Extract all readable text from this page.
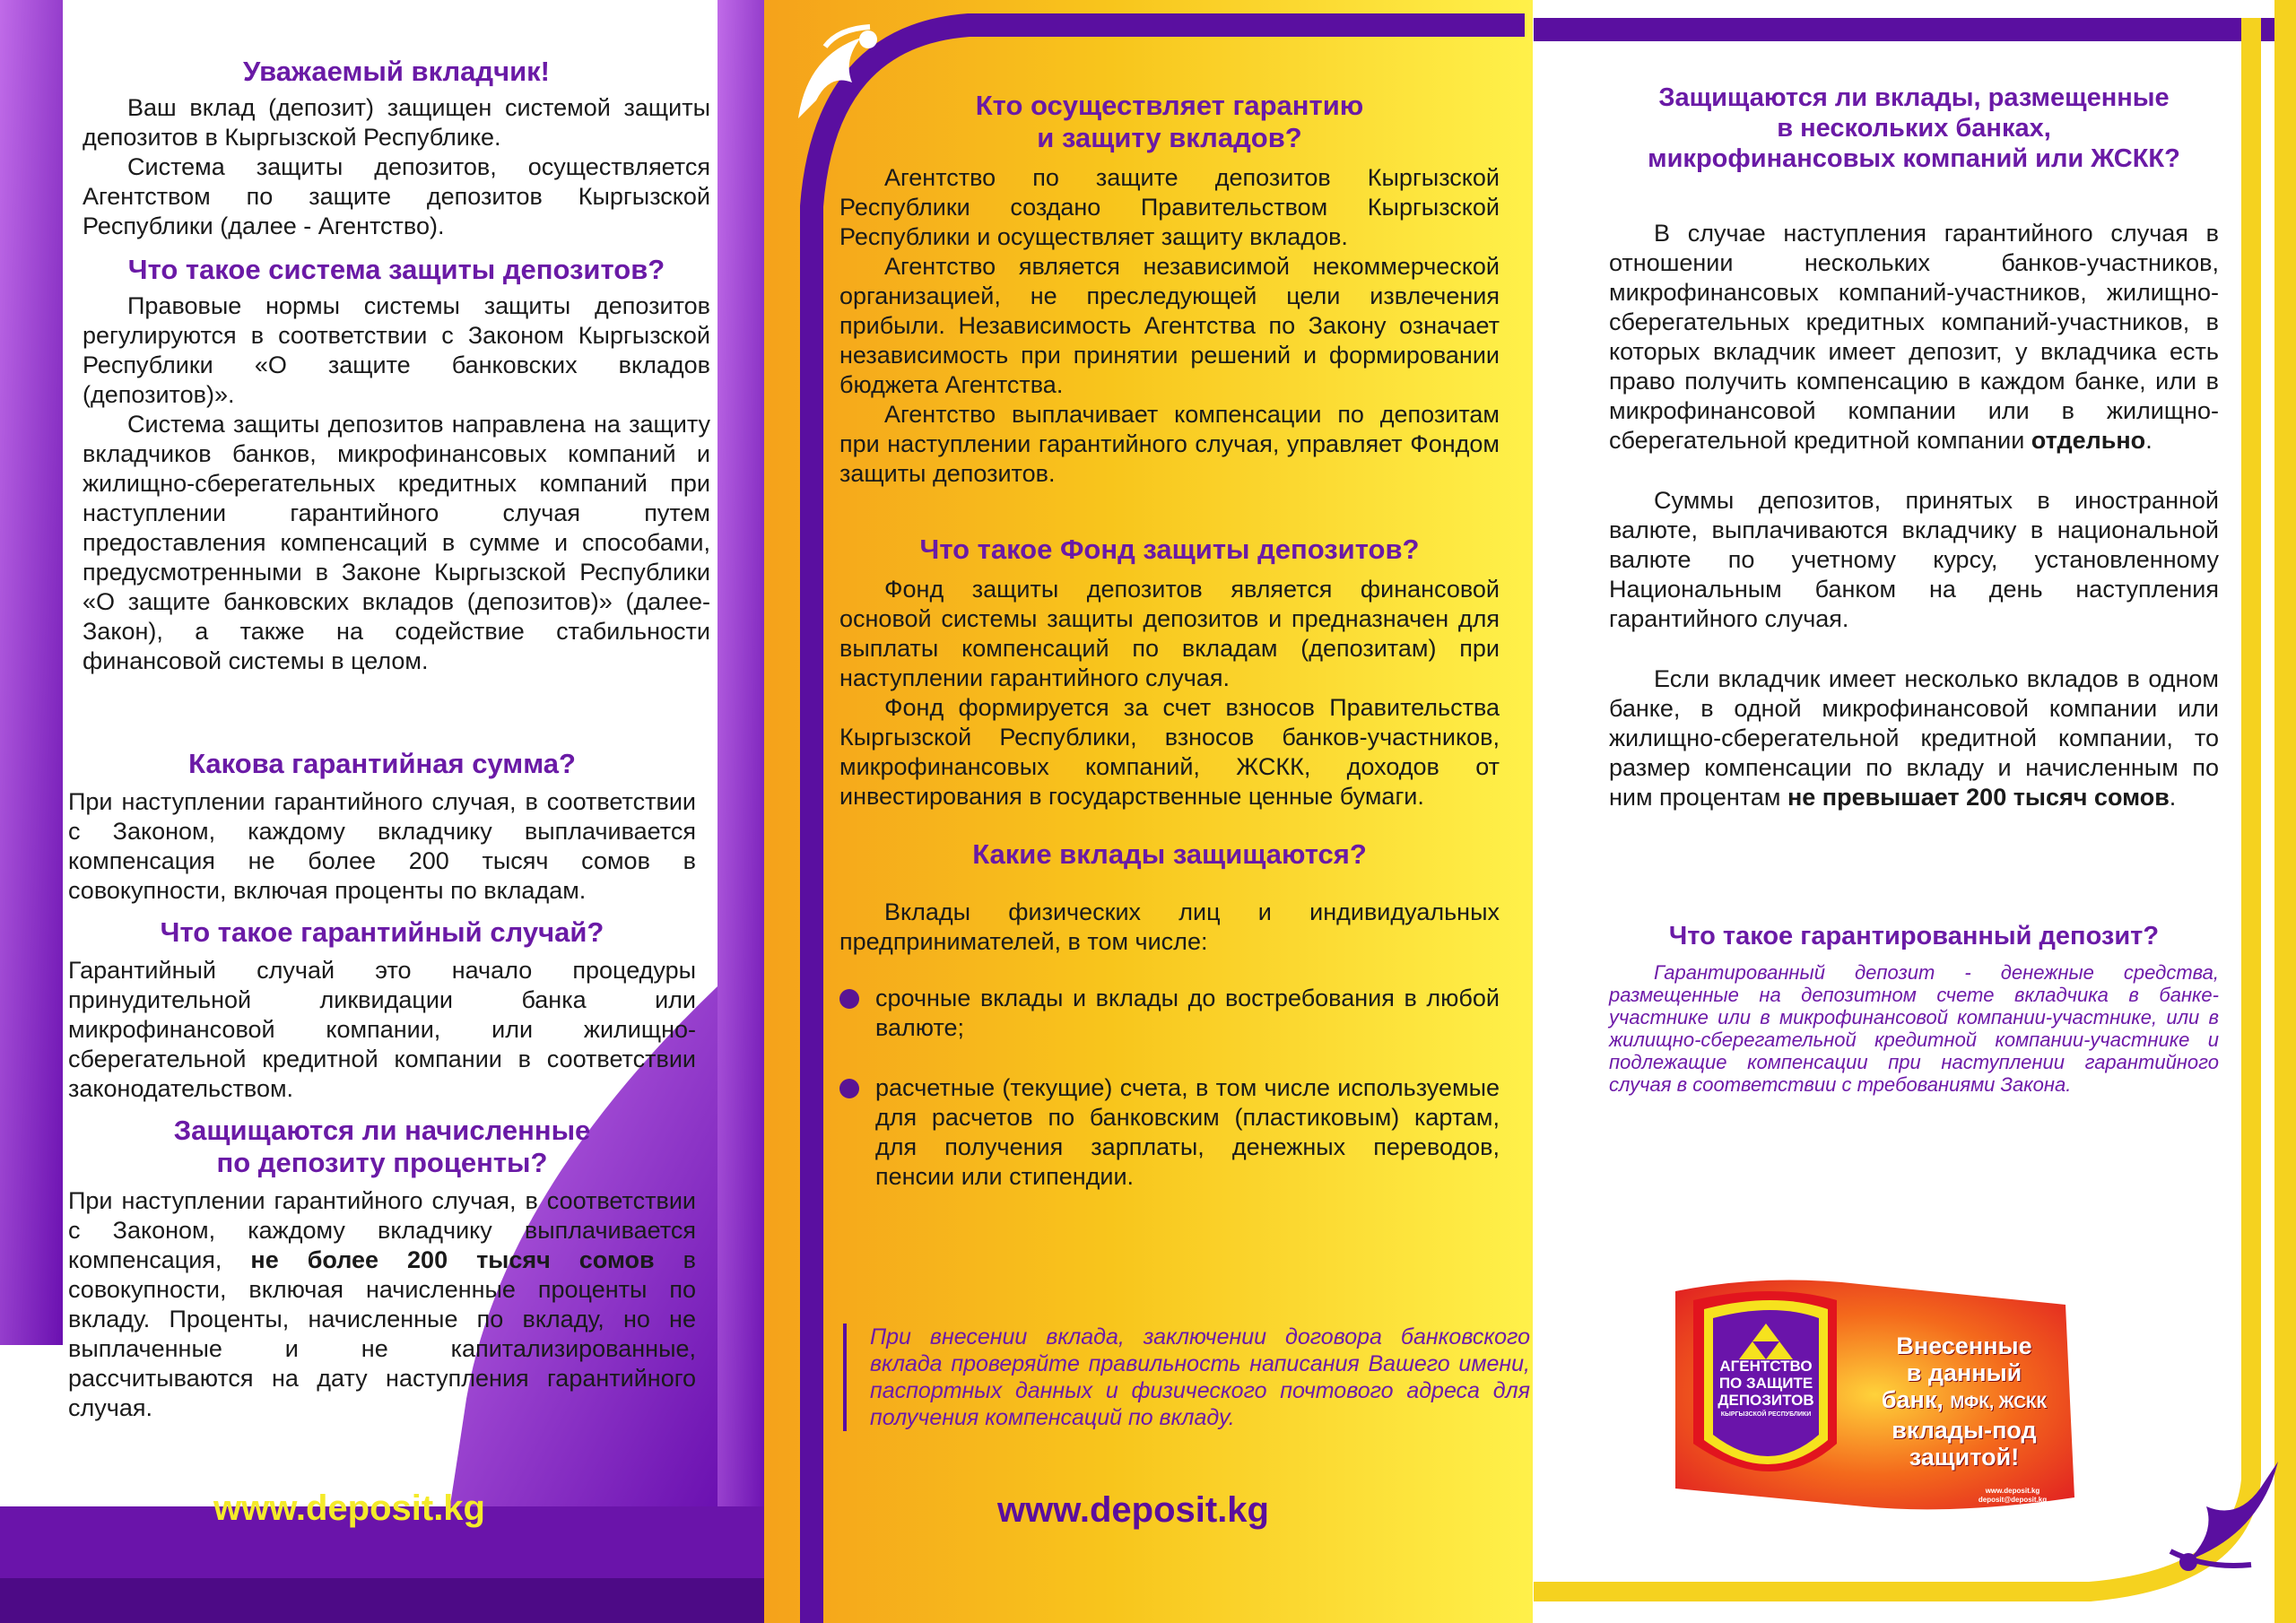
Уважаемый вкладчик!

Ваш вклад (депозит) защищен системой защиты депозитов в Кыргызской Республике.

Система защиты депозитов, осуществляется Агентством по защите депозитов Кыргызской Республики (далее - Агентство).

Что такое система защиты депозитов?

Правовые нормы системы защиты депозитов регулируются в соответствии с Законом Кыргызской Республики «О защите банковских вкладов (депозитов)».

Система защиты депозитов направлена на защиту вкладчиков банков, микрофинансовых компаний и жилищно-сберегательных кредитных компаний при наступлении гарантийного случая путем предоставления компенсаций в сумме и способами, предусмотренными в Законе Кыргызской Республики «О защите банковских вкладов (депозитов)» (далее-Закон), а также на содействие стабильности финансовой системы в целом.

Какова гарантийная сумма?
При наступлении гарантийного случая, в соответствии с Законом, каждому вкладчику выплачивается компенсация не более 200 тысяч сомов в совокупности, включая проценты по вкладам.
Что такое гарантийный случай?
Гарантийный случай это начало процедуры принудительной ликвидации банка или микрофинансовой компании, или жилищно-сберегательной кредитной компании в соответствии законодательством.
Защищаются ли начисленные
по депозиту проценты?
При наступлении гарантийного случая, в соответствии с Законом, каждому вкладчику выплачивается компенсация, не более 200 тысяч сомов в совокупности, включая начисленные проценты по вкладу. Проценты, начисленные по вкладу, но не выплаченные и не капитализированные, рассчитываются на дату наступления гарантийного случая.
www.deposit.kg
Кто осуществляет гарантию
и защиту вкладов?

Агентство по защите депозитов Кыргызской Республики создано Правительством Кыргызской Республики и осуществляет защиту вкладов.

Агентство является независимой некоммерческой организацией, не преследующей цели извлечения прибыли. Независимость Агентства по Закону означает независимость при принятии решений и формировании бюджета Агентства.

Агентство выплачивает компенсации по депозитам при наступлении гарантийного случая, управляет Фондом защиты депозитов.

Что такое Фонд защиты депозитов?

Фонд защиты депозитов является финансовой основой системы защиты депозитов и предназначен для выплаты компенсаций по вкладам (депозитам) при наступлении гарантийного случая.

Фонд формируется за счет взносов Правительства Кыргызской Республики, взносов банков-участников, микрофинансовых компаний, ЖСКК, доходов от инвестирования в государственные ценные бумаги.

Какие вклады защищаются?

Вклады физических лиц и индивидуальных предпринимателей, в том числе:

срочные вклады и вклады до востребования в любой валюте;
расчетные (текущие) счета, в том числе используемые для расчетов по банковским (пластиковым) картам, для получения зарплаты, денежных переводов, пенсии или стипендии.
При внесении вклада, заключении договора банковского вклада проверяйте правильность написания Вашего имени, паспортных данных и физического почтового адреса для получения компенсаций по вкладу.
www.deposit.kg
Защищаются ли вклады, размещенные
в нескольких банках,
микрофинансовых компаний или ЖСКК?

В случае наступления гарантийного случая в отношении нескольких банков-участников, микрофинансовых компаний-участников, жилищно-сберегательных кредитных компаний-участников, в которых вкладчик имеет депозит, у вкладчика есть право получить компенсацию в каждом банке, или в микрофинансовой компании или в жилищно-сберегательной кредитной компании отдельно.

Суммы депозитов, принятых в иностранной валюте, выплачиваются вкладчику в национальной валюте по учетному курсу, установленному Национальным банком на день наступления гарантийного случая.

Если вкладчик имеет несколько вкладов в одном банке, в одной микрофинансовой компании или жилищно-сберегательной кредитной компании, то размер компенсации по вкладу и начисленным по ним процентам не превышает 200 тысяч сомов.

Что такое гарантированный депозит?

Гарантированный депозит - денежные средства, размещенные на депозитном счете вкладчика в банке-участнике или в микрофинансовой компании-участнике, или в жилищно-сберегательной кредитной компании-участнике и подлежащие компенсации при наступлении гарантийного случая в соответствии с требованиями Закона.

АГЕНТСТВО
ПО ЗАЩИТЕ
ДЕПОЗИТОВ
КЫРГЫЗСКОЙ РЕСПУБЛИКИ
Внесенные
в данный
банк, МФК, ЖСКК
вклады-под
защитой!
www.deposit.kg
deposit@deposit.kg
